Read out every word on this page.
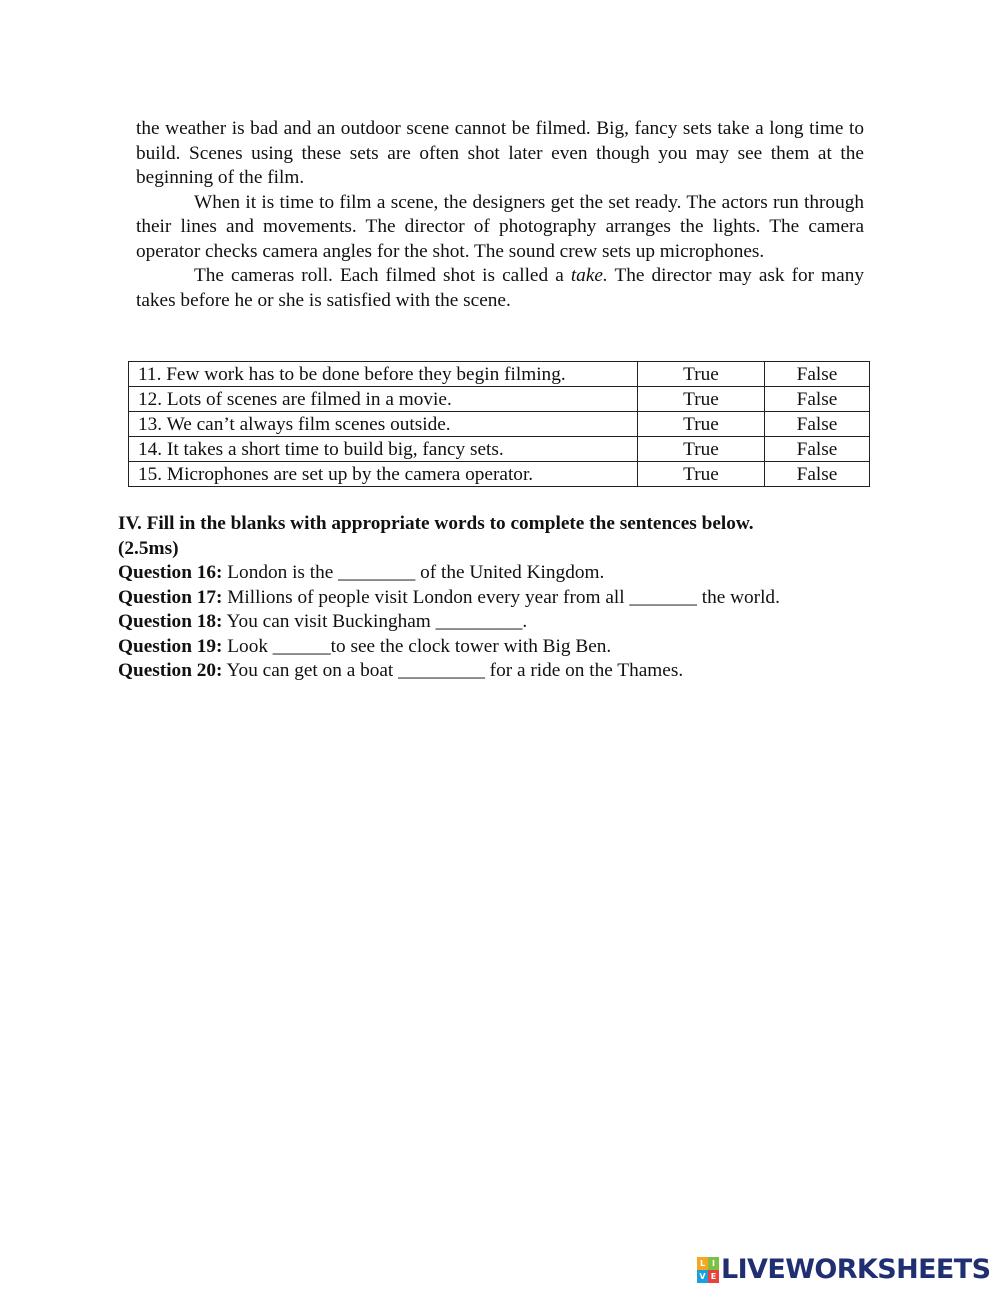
the weather is bad and an outdoor scene cannot be filmed. Big, fancy sets take a long time to build. Scenes using these sets are often shot later even though you may see them at the beginning of the film.

When it is time to film a scene, the designers get the set ready. The actors run through their lines and movements. The director of photography arranges the lights. The camera operator checks camera angles for the shot. The sound crew sets up microphones.

The cameras roll. Each filmed shot is called a take. The director may ask for many takes before he or she is satisfied with the scene.

11. Few work has to be done before they begin filming.	True	False
12. Lots of scenes are filmed in a movie.	True	False
13. We can’t always film scenes outside.	True	False
14. It takes a short time to build big, fancy sets.	True	False
15. Microphones are set up by the camera operator.	True	False

IV. Fill in the blanks with appropriate words to complete the sentences below.

(2.5ms)

Question 16: London is the ________ of the United Kingdom.

Question 17: Millions of people visit London every year from all _______ the world.

Question 18: You can visit Buckingham _________.

Question 19: Look ______to see the clock tower with Big Ben.

Question 20: You can get on a boat _________ for a ride on the Thames.

L I
V E LIVEWORKSHEETS
